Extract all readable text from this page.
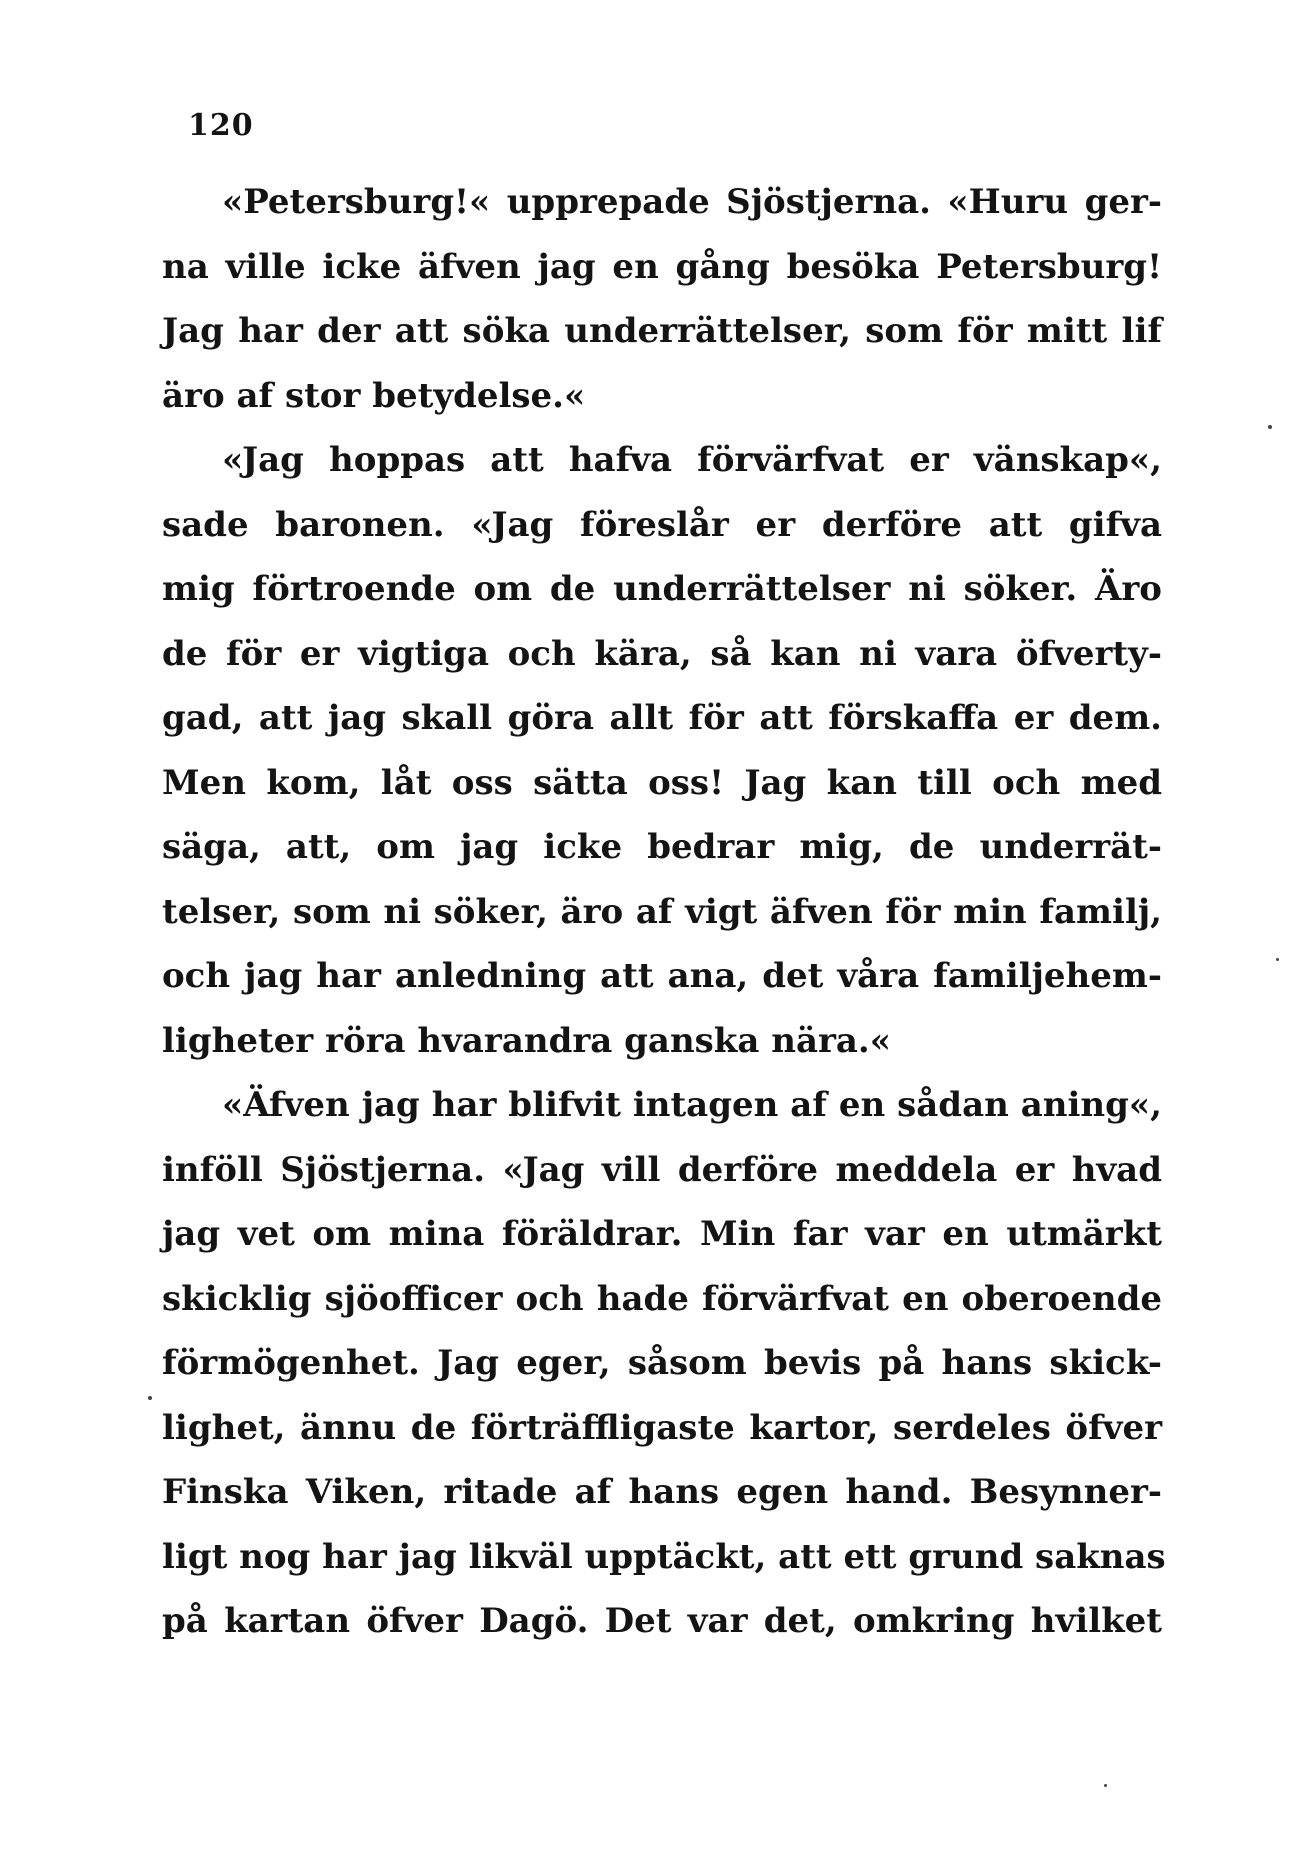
120
«Petersburg!« upprepade Sjöstjerna. «Huru ger-
na ville icke äfven jag en gång besöka Petersburg!
Jag har der att söka underrättelser, som för mitt lif
äro af stor betydelse.«
«Jag hoppas att hafva förvärfvat er vänskap«,
sade baronen. «Jag föreslår er derföre att gifva
mig förtroende om de underrättelser ni söker. Äro
de för er vigtiga och kära, så kan ni vara öfverty-
gad, att jag skall göra allt för att förskaffa er dem.
Men kom, låt oss sätta oss! Jag kan till och med
säga, att, om jag icke bedrar mig, de underrät-
telser, som ni söker, äro af vigt äfven för min familj,
och jag har anledning att ana, det våra familjehem-
ligheter röra hvarandra ganska nära.«
«Äfven jag har blifvit intagen af en sådan aning«,
inföll Sjöstjerna. «Jag vill derföre meddela er hvad
jag vet om mina föräldrar. Min far var en utmärkt
skicklig sjöofficer och hade förvärfvat en oberoende
förmögenhet. Jag eger, såsom bevis på hans skick-
lighet, ännu de förträffligaste kartor, serdeles öfver
Finska Viken, ritade af hans egen hand. Besynner-
ligt nog har jag likväl upptäckt, att ett grund saknas
på kartan öfver Dagö. Det var det, omkring hvilket
